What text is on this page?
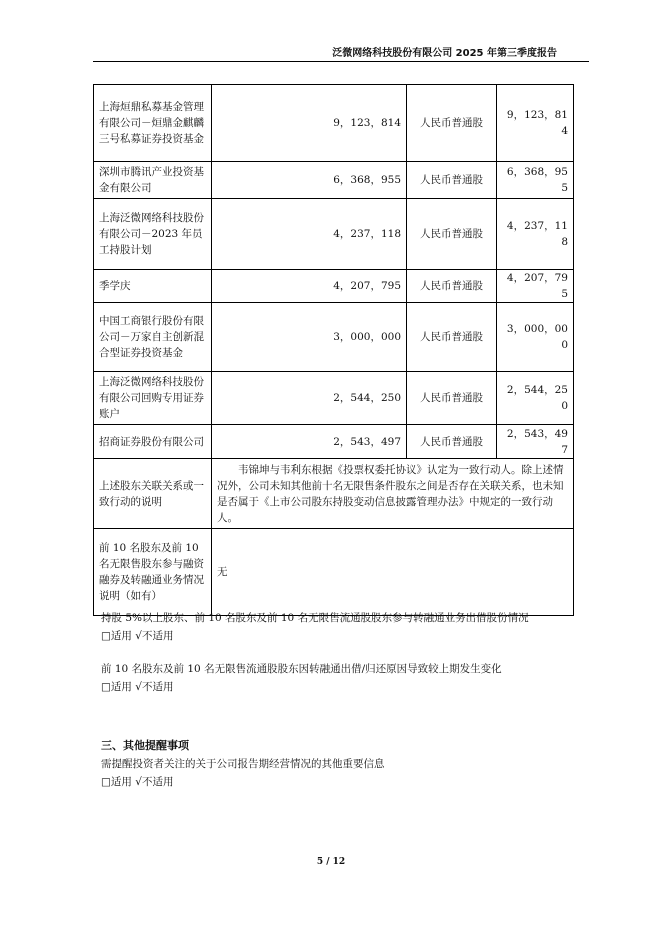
泛微网络科技股份有限公司 2025 年第三季度报告
上海烜鼎私募基金管理有限公司－烜鼎金麒麟三号私募证券投资基金	9，123，814	人民币普通股	9，123，814
深圳市腾讯产业投资基金有限公司	6，368，955	人民币普通股	6，368，955
上海泛微网络科技股份有限公司－2023 年员工持股计划	4，237，118	人民币普通股	4，237，118
季学庆	4，207，795	人民币普通股	4，207，795
中国工商银行股份有限公司－万家自主创新混合型证券投资基金	3，000，000	人民币普通股	3，000，000
上海泛微网络科技股份有限公司回购专用证券账户	2，544，250	人民币普通股	2，544，250
招商证券股份有限公司	2，543，497	人民币普通股	2，543，497
上述股东关联关系或一致行动的说明	韦锦坤与韦利东根据《投票权委托协议》认定为一致行动人。除上述情况外，公司未知其他前十名无限售条件股东之间是否存在关联关系，也未知是否属于《上市公司股东持股变动信息披露管理办法》中规定的一致行动人。		
前 10 名股东及前 10 名无限售股东参与融资融券及转融通业务情况说明（如有）	无		
持股 5%以上股东、前 10 名股东及前 10 名无限售流通股股东参与转融通业务出借股份情况
□适用 √不适用
前 10 名股东及前 10 名无限售流通股股东因转融通出借/归还原因导致较上期发生变化
□适用 √不适用
三、其他提醒事项
需提醒投资者关注的关于公司报告期经营情况的其他重要信息
□适用 √不适用
5 / 12
